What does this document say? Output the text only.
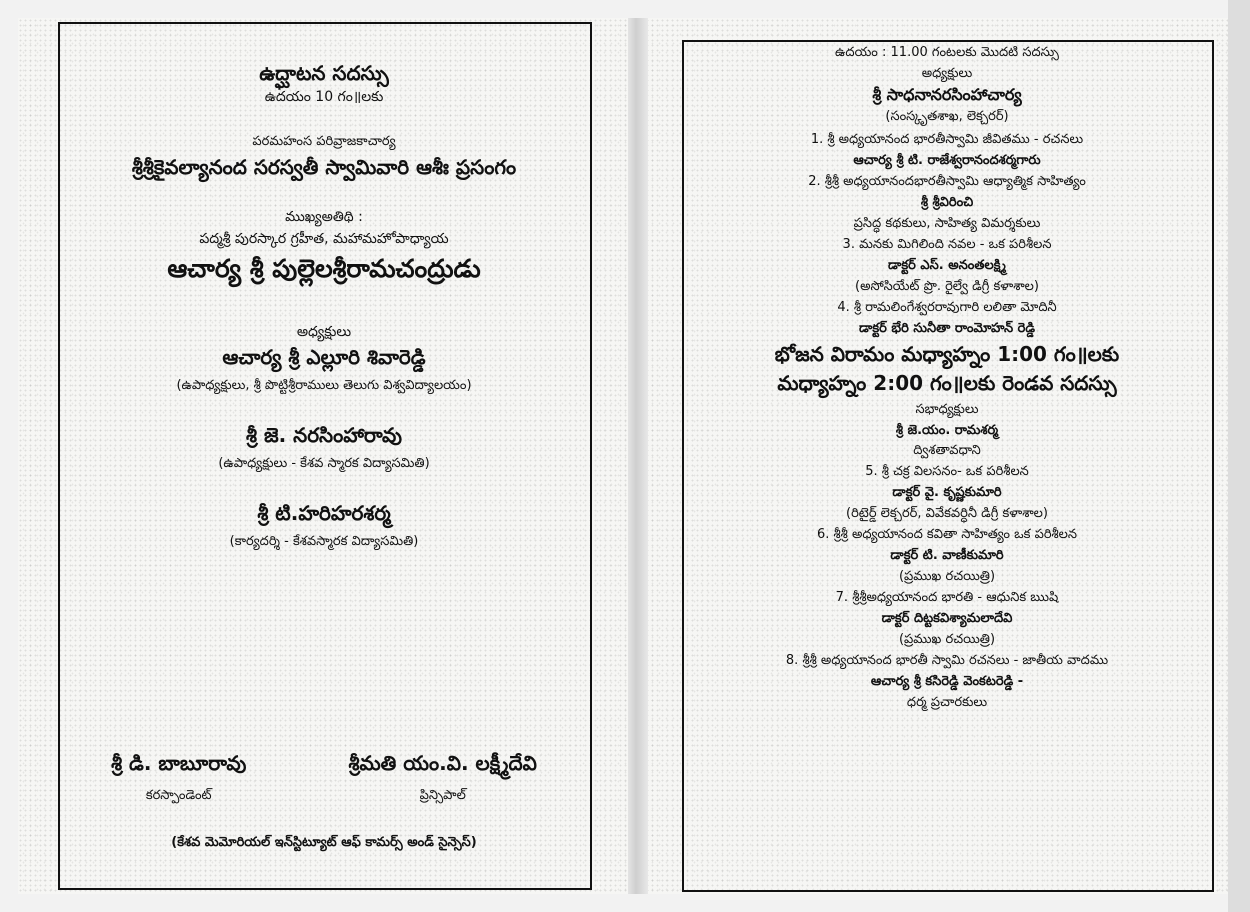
ఉద్ఘాటన సదస్సు
ఉదయం 10 గం॥లకు
పరమహంస పరివ్రాజకాచార్య
శ్రీశ్రీకైవల్యానంద సరస్వతీ స్వామివారి ఆశీః ప్రసంగం
ముఖ్యఅతిథి :
పద్మశ్రీ పురస్కార గ్రహీత, మహామహోపాధ్యాయ
ఆచార్య శ్రీ పుల్లెలశ్రీరామచంద్రుడు
అధ్యక్షులు
ఆచార్య శ్రీ ఎల్లూరి శివారెడ్డి
(ఉపాధ్యక్షులు, శ్రీ పొట్టిశ్రీరాములు తెలుగు విశ్వవిద్యాలయం)
శ్రీ జె. నరసింహారావు
(ఉపాధ్యక్షులు - కేశవ స్మారక విద్యాసమితి)
శ్రీ టి.హరిహరశర్మ
(కార్యదర్శి - కేశవస్మారక విద్యాసమితి)
శ్రీ డి. బాబూరావు
కరస్పాండెంట్
శ్రీమతి యం.వి. లక్ష్మీదేవి
ప్రిన్సిపాల్
(కేశవ మెమోరియల్ ఇన్‌స్టిట్యూట్ ఆఫ్ కామర్స్ అండ్ సైన్సెస్)
ఉదయం : 11.00 గంటలకు మొదటి సదస్సు
అధ్యక్షులు
శ్రీ సాధనానరసింహాచార్య
(సంస్కృతశాఖ, లెక్చరర్)
1. శ్రీ అధ్యయానంద భారతీస్వామి జీవితము - రచనలు
ఆచార్య శ్రీ టి. రాజేశ్వరానందశర్మగారు
2. శ్రీశ్రీ అధ్యయానందభారతీస్వామి ఆధ్యాత్మిక సాహిత్యం
శ్రీ శ్రీవిరించి
ప్రసిద్ధ కథకులు, సాహిత్య విమర్శకులు
3. మనకు మిగిలింది నవల - ఒక పరిశీలన
డాక్టర్ ఎస్. అనంతలక్ష్మి
(అసోసియేట్ ప్రొ. రైల్వే డిగ్రీ కళాశాల)
4. శ్రీ రామలింగేశ్వరరావుగారి లలితా మోదినీ
డాక్టర్ భేరి సునీతా రాంమోహన్ రెడ్డి
భోజన విరామం మధ్యాహ్నం 1:00 గం॥లకు
మధ్యాహ్నం 2:00 గం॥లకు రెండవ సదస్సు
సభాధ్యక్షులు
శ్రీ జె.యం. రామశర్మ
ద్విశతావధాని
5. శ్రీ చక్ర విలసనం- ఒక పరిశీలన
డాక్టర్ వై. కృష్ణకుమారి
(రిటైర్డ్ లెక్చరర్, వివేకవర్ధినీ డిగ్రీ కళాశాల)
6. శ్రీశ్రీ అధ్యయానంద కవితా సాహిత్యం ఒక పరిశీలన
డాక్టర్ టి. వాణీకుమారి
(ప్రముఖ రచయిత్రి)
7. శ్రీశ్రీఅధ్యయానంద భారతి - ఆధునిక ఋషి
డాక్టర్ దిట్టకవిశ్యామలాదేవి
(ప్రముఖ రచయిత్రి)
8. శ్రీశ్రీ అధ్యయానంద భారతీ స్వామి రచనలు - జాతీయ వాదము
ఆచార్య శ్రీ కసిరెడ్డి వెంకటరెడ్డి -
ధర్మ ప్రచారకులు
